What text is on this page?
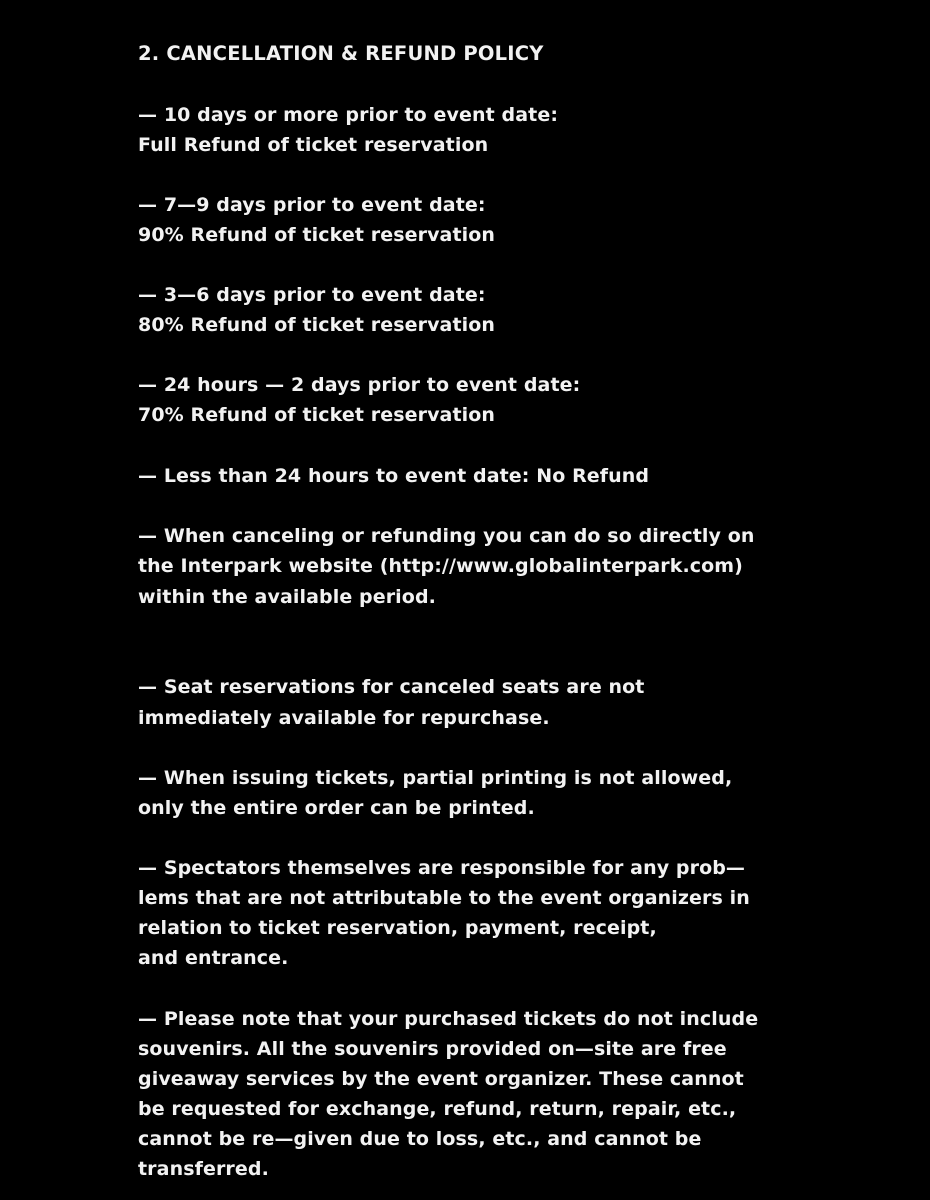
2. CANCELLATION & REFUND POLICY
— 10 days or more prior to event date:
Full Refund of ticket reservation
— 7—9 days prior to event date:
90% Refund of ticket reservation
— 3—6 days prior to event date:
80% Refund of ticket reservation
— 24 hours — 2 days prior to event date:
70% Refund of ticket reservation
— Less than 24 hours to event date: No Refund
— When canceling or refunding you can do so directly on
the Interpark website (http://www.globalinterpark.com)
within the available period.
— Seat reservations for canceled seats are not
immediately available for repurchase.
— When issuing tickets, partial printing is not allowed,
only the entire order can be printed.
— Spectators themselves are responsible for any prob—
lems that are not attributable to the event organizers in
relation to ticket reservation, payment, receipt,
and entrance.
— Please note that your purchased tickets do not include
souvenirs. All the souvenirs provided on—site are free
giveaway services by the event organizer. These cannot
be requested for exchange, refund, return, repair, etc.,
cannot be re—given due to loss, etc., and cannot be
transferred.
